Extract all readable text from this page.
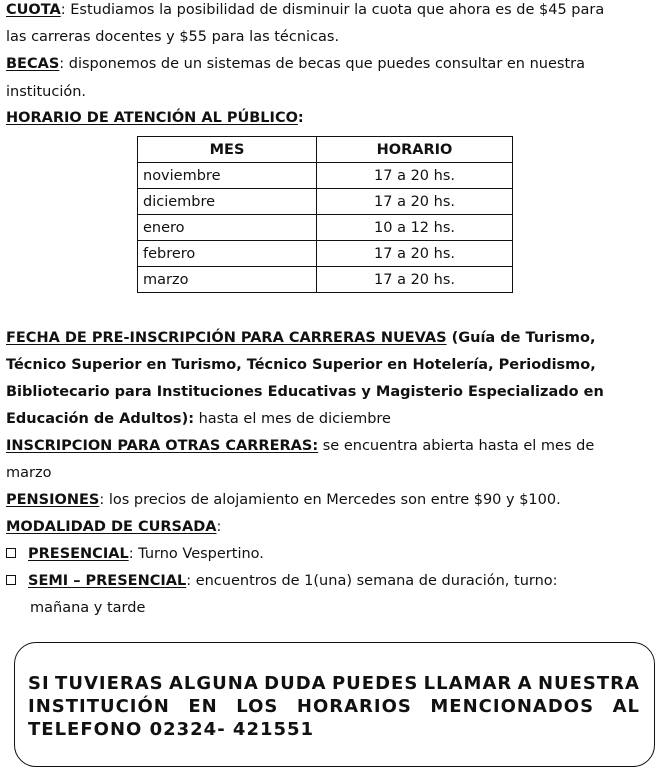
CUOTA: Estudiamos la posibilidad de disminuir la cuota que ahora es de $45 para
las carreras docentes y $55 para las técnicas.
BECAS: disponemos de un sistemas de becas que puedes consultar en nuestra
institución.
HORARIO DE ATENCIÓN AL PÚBLICO:
MES	HORARIO
noviembre	17 a 20 hs.
diciembre	17 a 20 hs.
enero	10 a 12 hs.
febrero	17 a 20 hs.
marzo	17 a 20 hs.
FECHA DE PRE-INSCRIPCIÓN PARA CARRERAS NUEVAS (Guía de Turismo,
Técnico Superior en Turismo, Técnico Superior en Hotelería, Periodismo,
Bibliotecario para Instituciones Educativas y Magisterio Especializado en
Educación de Adultos): hasta el mes de diciembre
INSCRIPCION PARA OTRAS CARRERAS: se encuentra abierta hasta el mes de
marzo
PENSIONES: los precios de alojamiento en Mercedes son entre $90 y $100.
MODALIDAD DE CURSADA:
PRESENCIAL: Turno Vespertino.
SEMI – PRESENCIAL: encuentros de 1(una) semana de duración, turno:
mañana y tarde
SI TUVIERAS ALGUNA DUDA PUEDES LLAMAR A NUESTRA
INSTITUCIÓN EN LOS HORARIOS MENCIONADOS AL
TELEFONO 02324- 421551
